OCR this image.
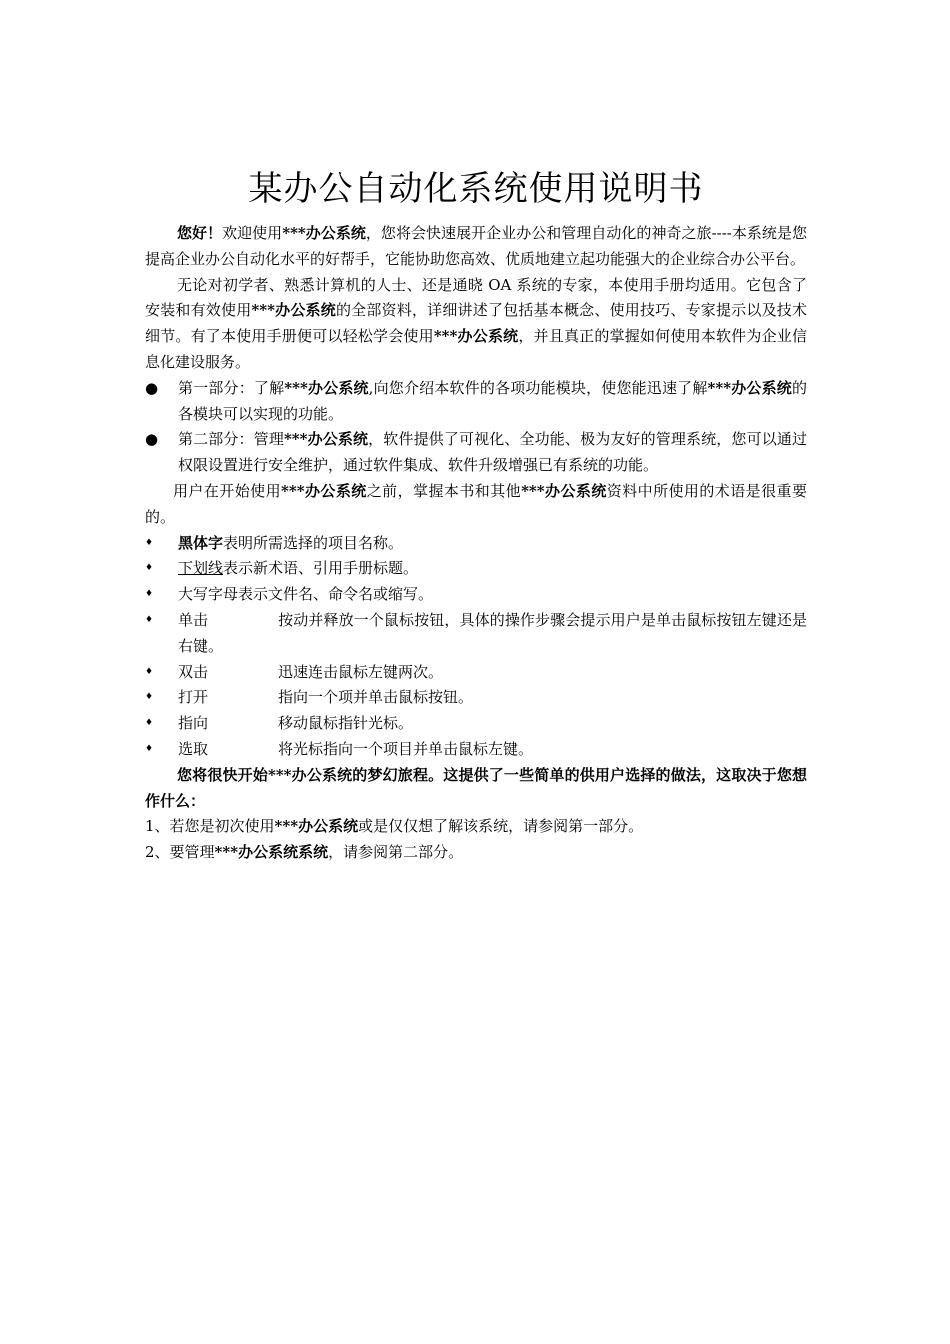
某办公自动化系统使用说明书

您好！欢迎使用***办公系统，您将会快速展开企业办公和管理自动化的神奇之旅----本系统是您提高企业办公自动化水平的好帮手，它能协助您高效、优质地建立起功能强大的企业综合办公平台。

无论对初学者、熟悉计算机的人士、还是通晓 OA 系统的专家，本使用手册均适用。它包含了安装和有效使用***办公系统的全部资料，详细讲述了包括基本概念、使用技巧、专家提示以及技术细节。有了本使用手册便可以轻松学会使用***办公系统，并且真正的掌握如何使用本软件为企业信息化建设服务。

●	第一部分：了解***办公系统,向您介绍本软件的各项功能模块，使您能迅速了解***办公系统的各模块可以实现的功能。
●	第二部分：管理***办公系统，软件提供了可视化、全功能、极为友好的管理系统，您可以通过权限设置进行安全维护，通过软件集成、软件升级增强已有系统的功能。

用户在开始使用***办公系统之前，掌握本书和其他***办公系统资料中所使用的术语是很重要的。

♦	黑体字表明所需选择的项目名称。
♦	下划线表示新术语、引用手册标题。
♦	大写字母表示文件名、命令名或缩写。
♦ 单击	按动并释放一个鼠标按钮，具体的操作步骤会提示用户是单击鼠标按钮左键还是右键。
♦ 双击	迅速连击鼠标左键两次。
♦ 打开	指向一个项并单击鼠标按钮。
♦ 指向	移动鼠标指针光标。
♦ 选取	将光标指向一个项目并单击鼠标左键。

您将很快开始***办公系统的梦幻旅程。这提供了一些简单的供用户选择的做法，这取决于您想作什么：

1、若您是初次使用***办公系统或是仅仅想了解该系统，请参阅第一部分。
2、要管理***办公系统系统，请参阅第二部分。
